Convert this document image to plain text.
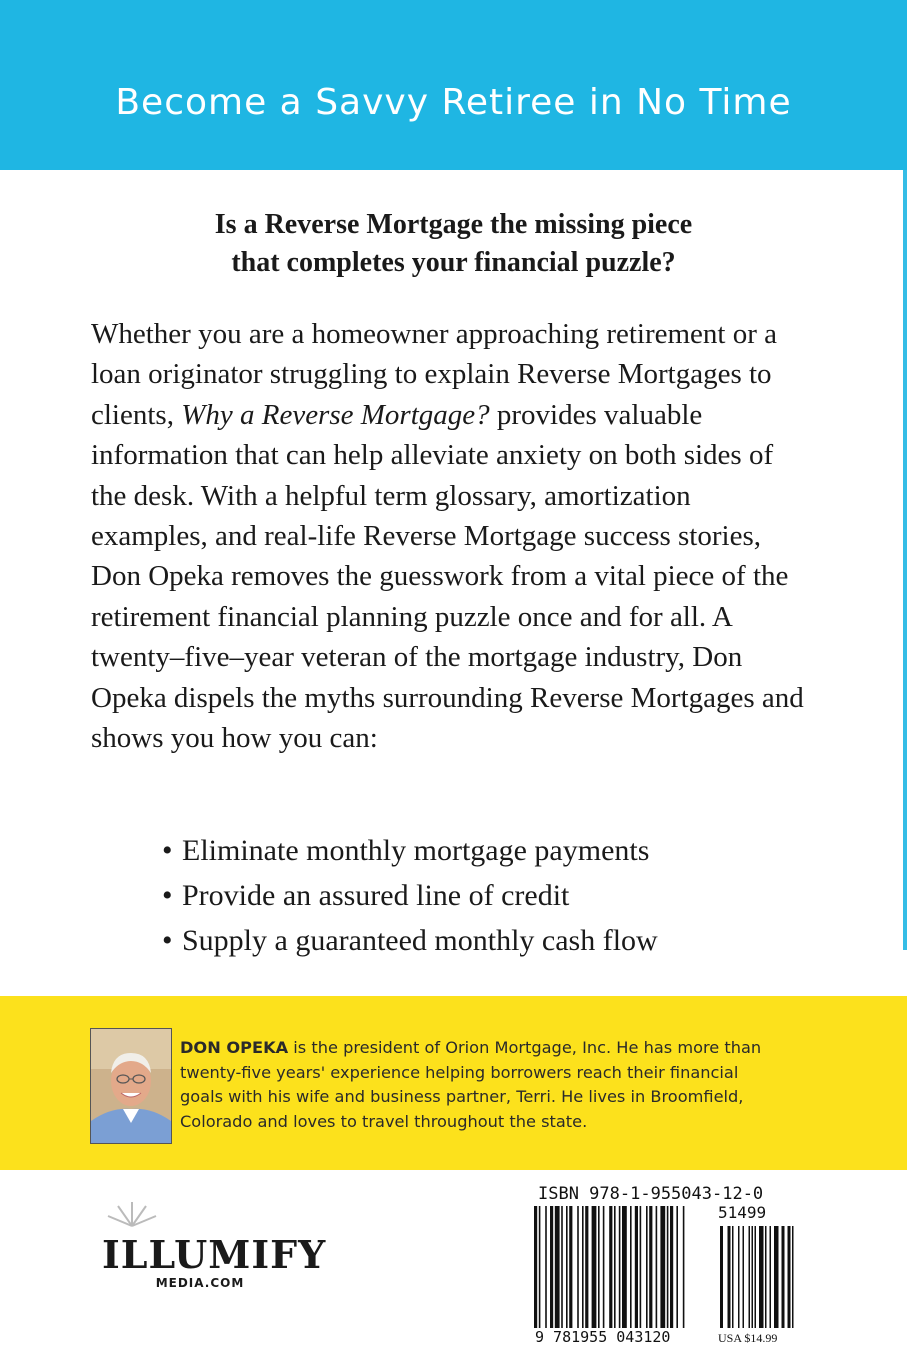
Become a Savvy Retiree in No Time
Is a Reverse Mortgage the missing piece
that completes your financial puzzle?
Whether you are a homeowner approaching retirement or a loan originator struggling to explain Reverse Mortgages to clients, Why a Reverse Mortgage? provides valuable information that can help alleviate anxiety on both sides of the desk. With a helpful term glossary, amortization examples, and real-life Reverse Mortgage success stories, Don Opeka removes the guesswork from a vital piece of the retirement financial planning puzzle once and for all. A twenty–five–year veteran of the mortgage industry, Don Opeka dispels the myths surrounding Reverse Mortgages and shows you how you can:
• Eliminate monthly mortgage payments
• Provide an assured line of credit
• Supply a guaranteed monthly cash flow
DON OPEKA is the president of Orion Mortgage, Inc. He has more than twenty-five years' experience helping borrowers reach their financial goals with his wife and business partner, Terri. He lives in Broomfield, Colorado and loves to travel throughout the state.
ILLUMIFY
MEDIA.COM
ISBN 978-1-955043-12-0
51499
9 781955 043120	USA $14.99
